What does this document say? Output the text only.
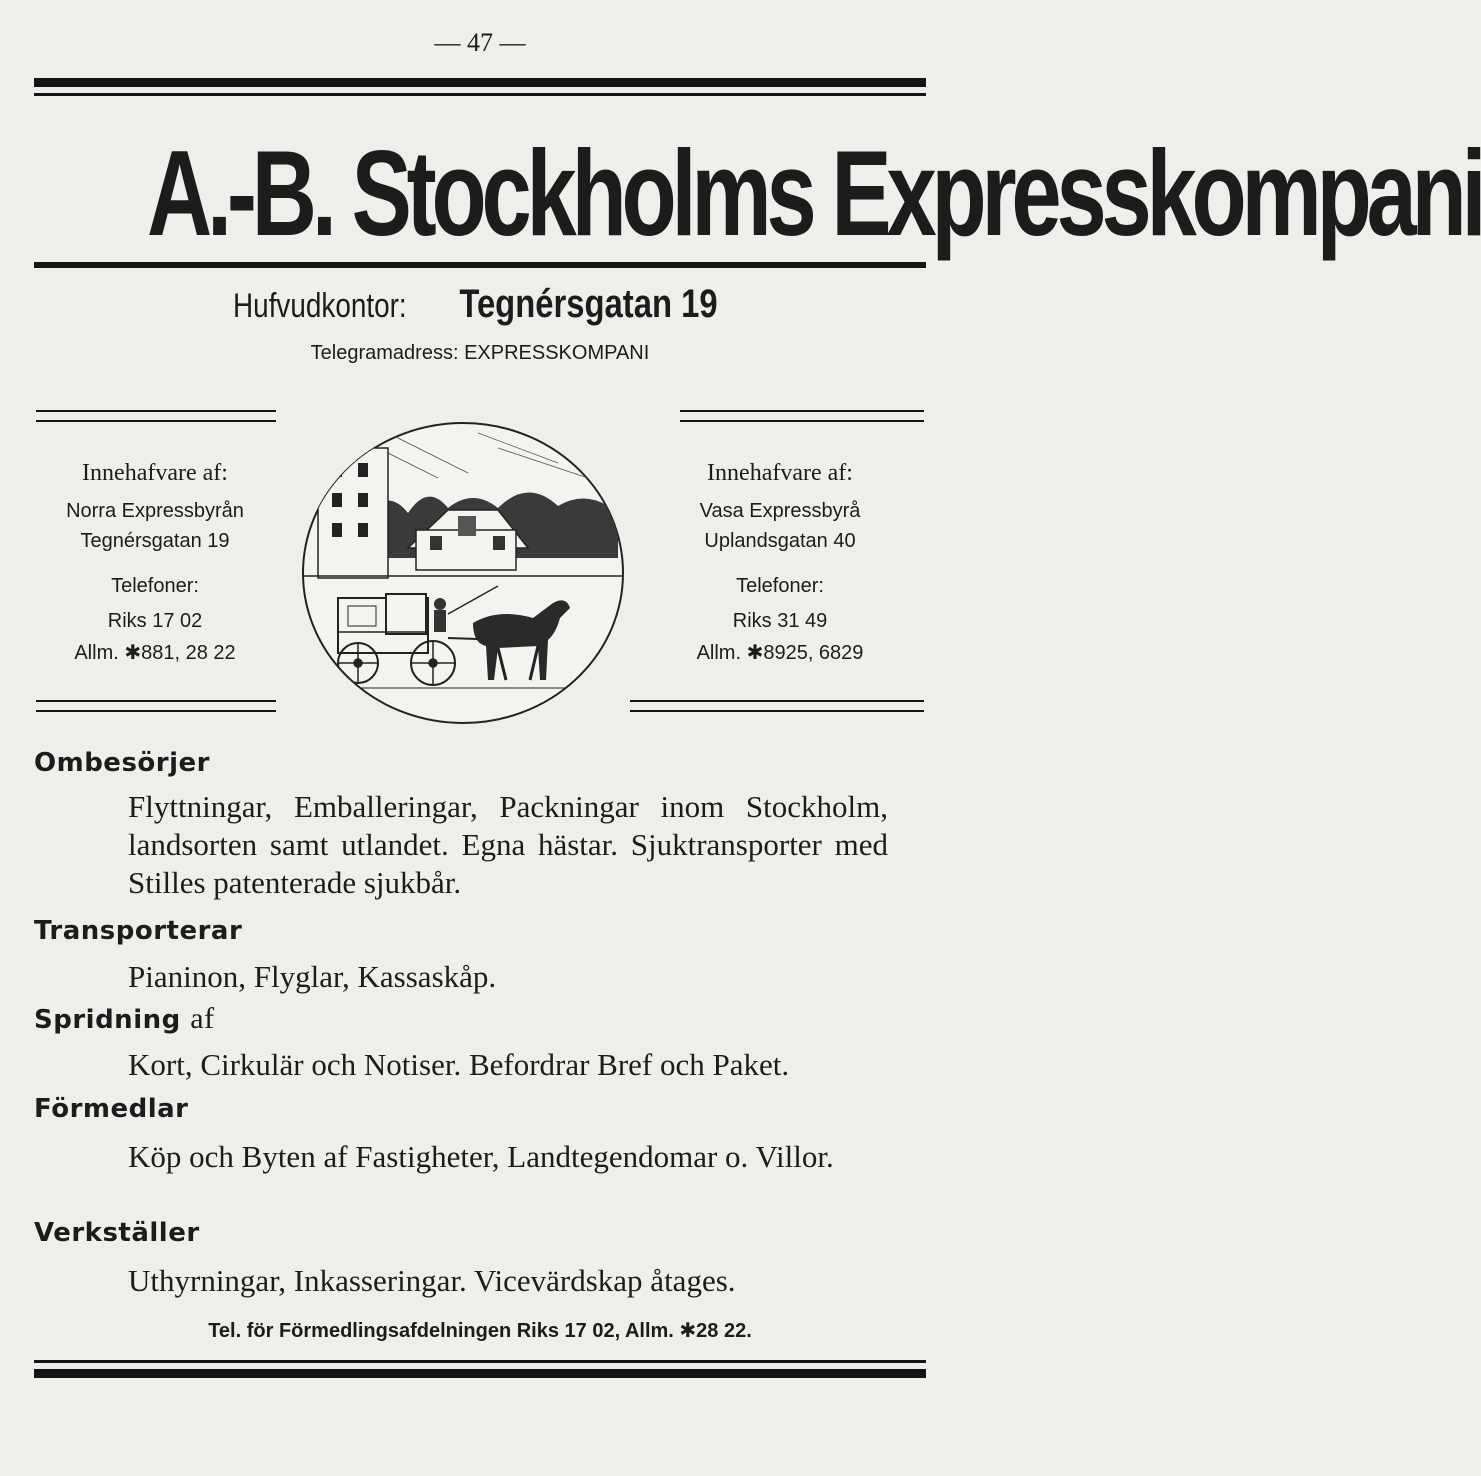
— 47 —
A.-B. Stockholms Expresskompani
Hufvudkontor: Tegnérsgatan 19
Telegramadress: EXPRESSKOMPANI
Innehafvare af:
Norra Expressbyrån
Tegnérsgatan 19
Telefoner:
Riks 17 02
Allm. ✱881, 28 22
Innehafvare af:
Vasa Expressbyrå
Uplandsgatan 40
Telefoner:
Riks 31 49
Allm. ✱8925, 6829
Ombesörjer
Flyttningar, Emballeringar, Packningar inom Stockholm, landsorten samt utlandet. Egna hästar. Sjuktransporter med Stilles patenterade sjukbår.
Transporterar
Pianinon, Flyglar, Kassaskåp.
Spridning af
Kort, Cirkulär och Notiser. Befordrar Bref och Paket.
Förmedlar
Köp och Byten af Fastigheter, Landtegendomar o. Villor.
Verkställer
Uthyrningar, Inkasseringar. Vicevärdskap åtages.
Tel. för Förmedlingsafdelningen Riks 17 02, Allm. ✱28 22.
